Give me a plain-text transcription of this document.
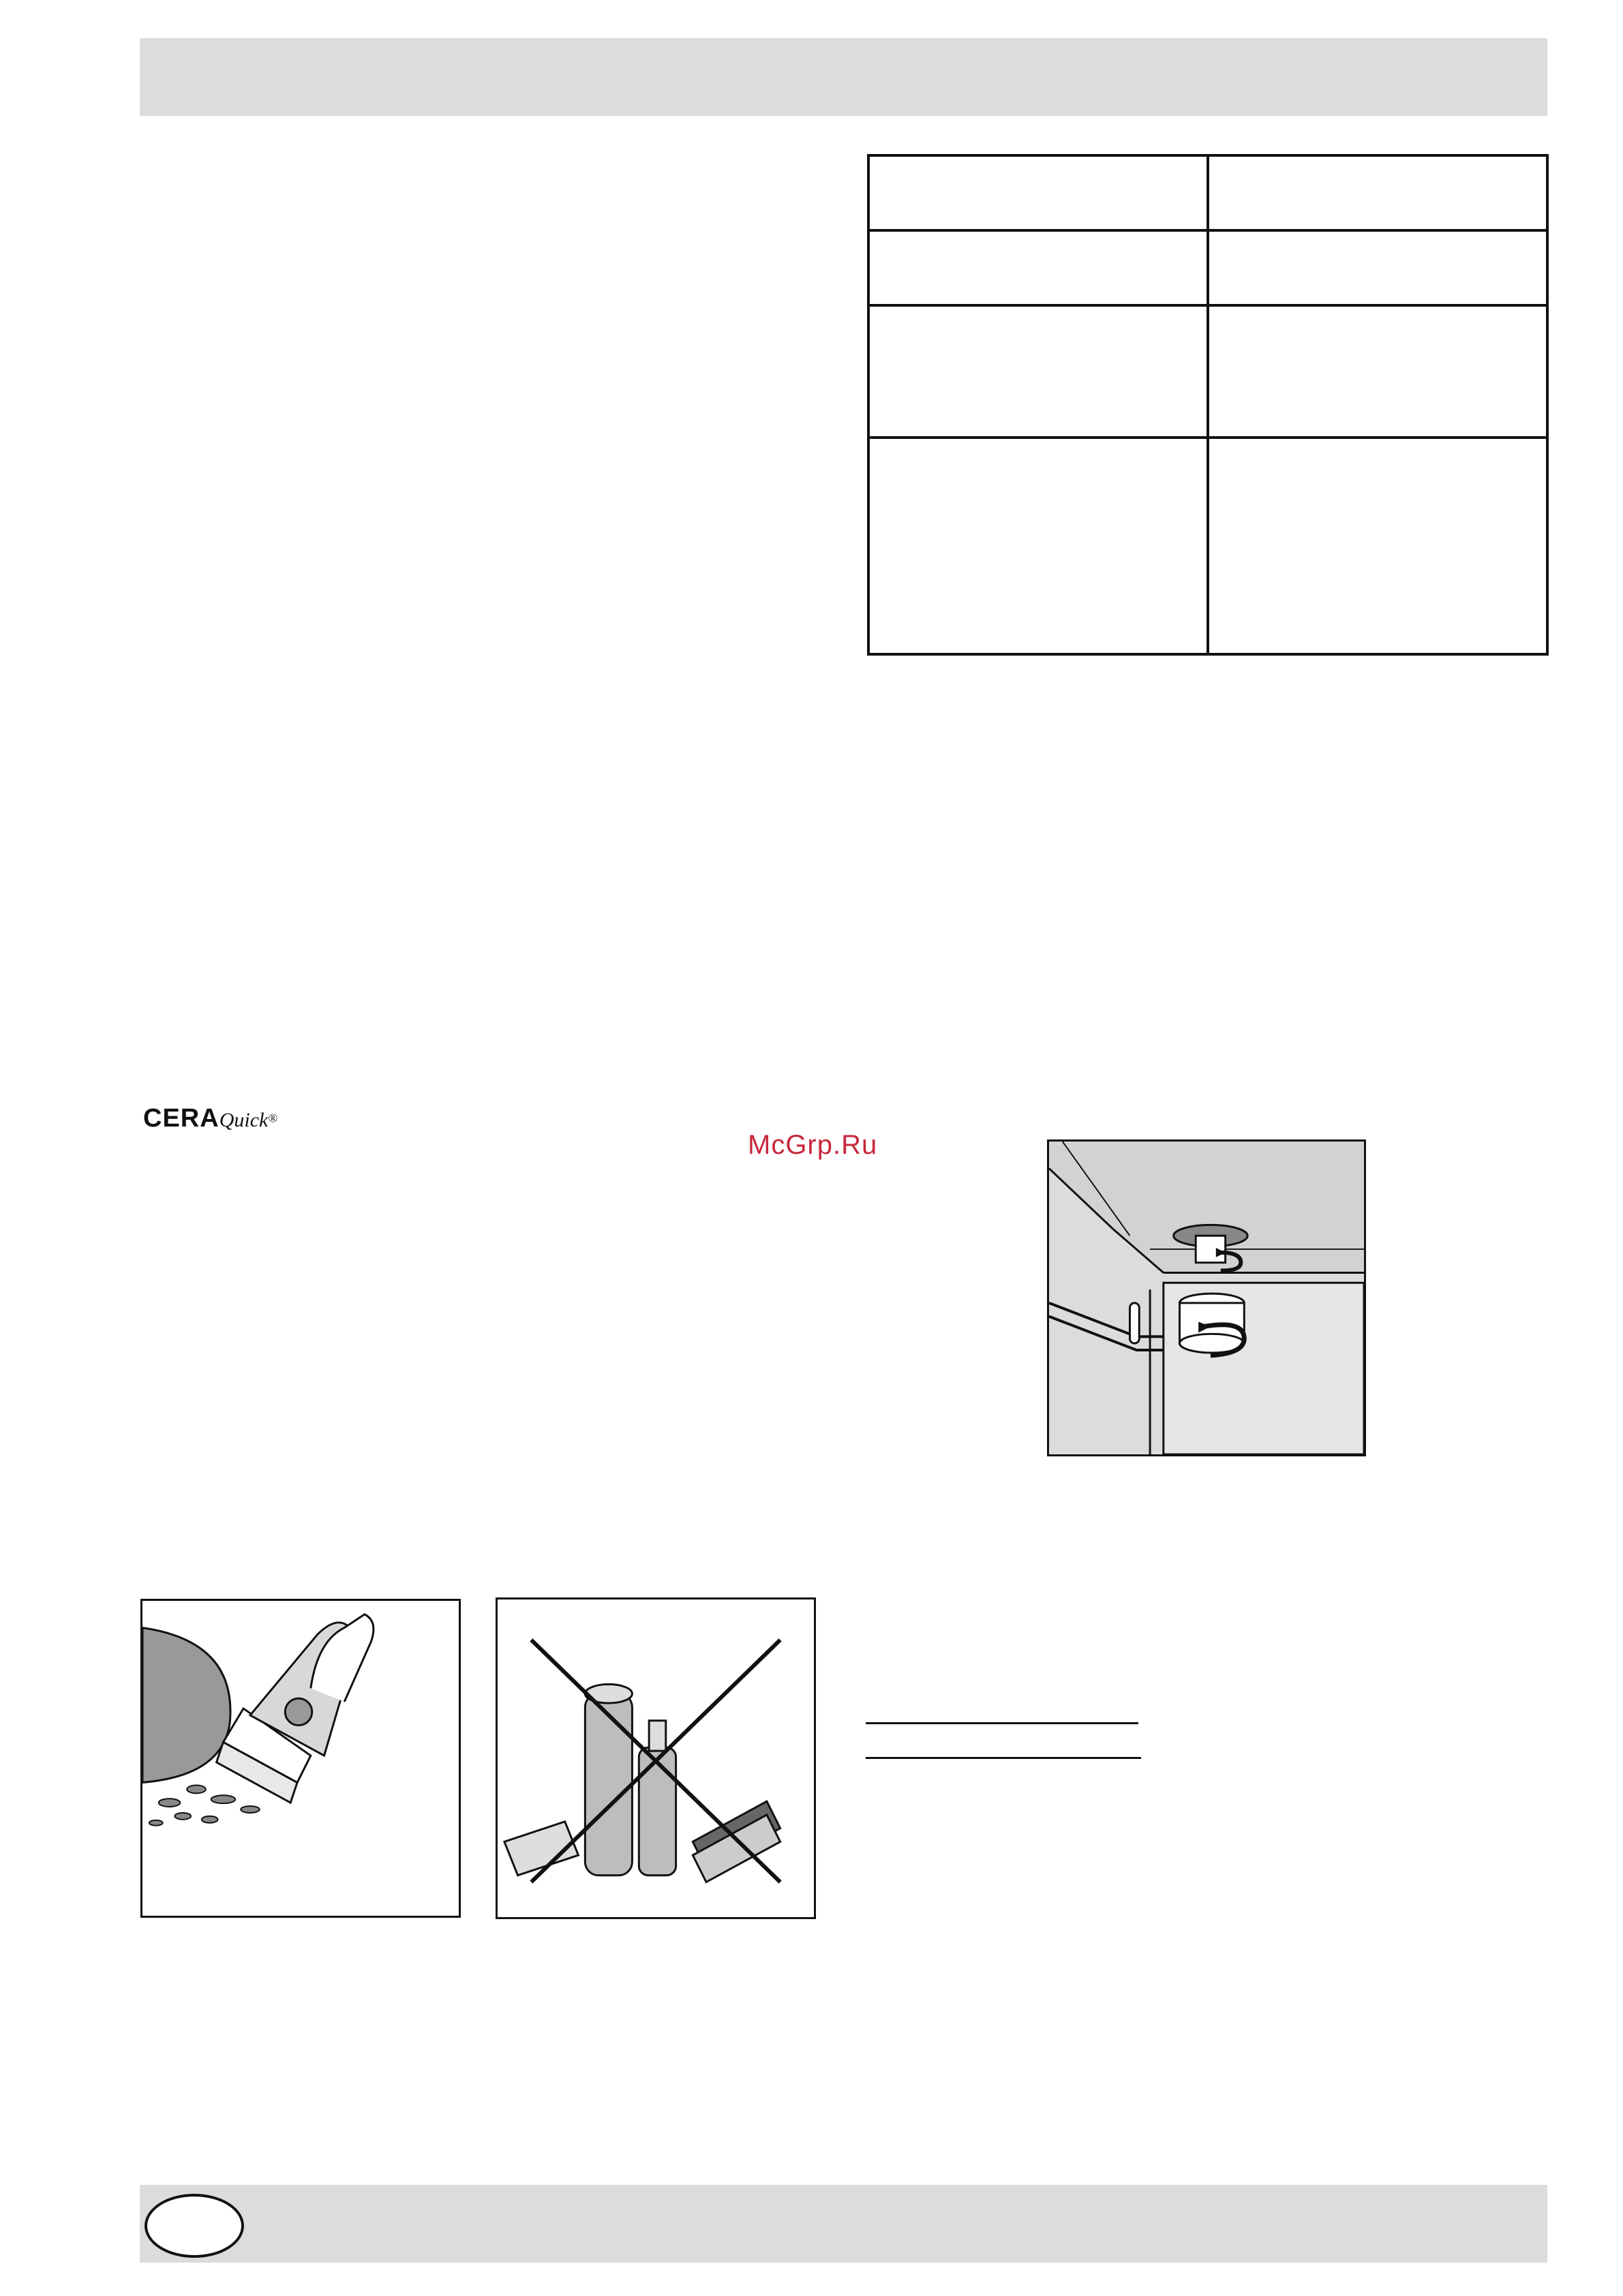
CERAQuick®
McGrp.Ru
